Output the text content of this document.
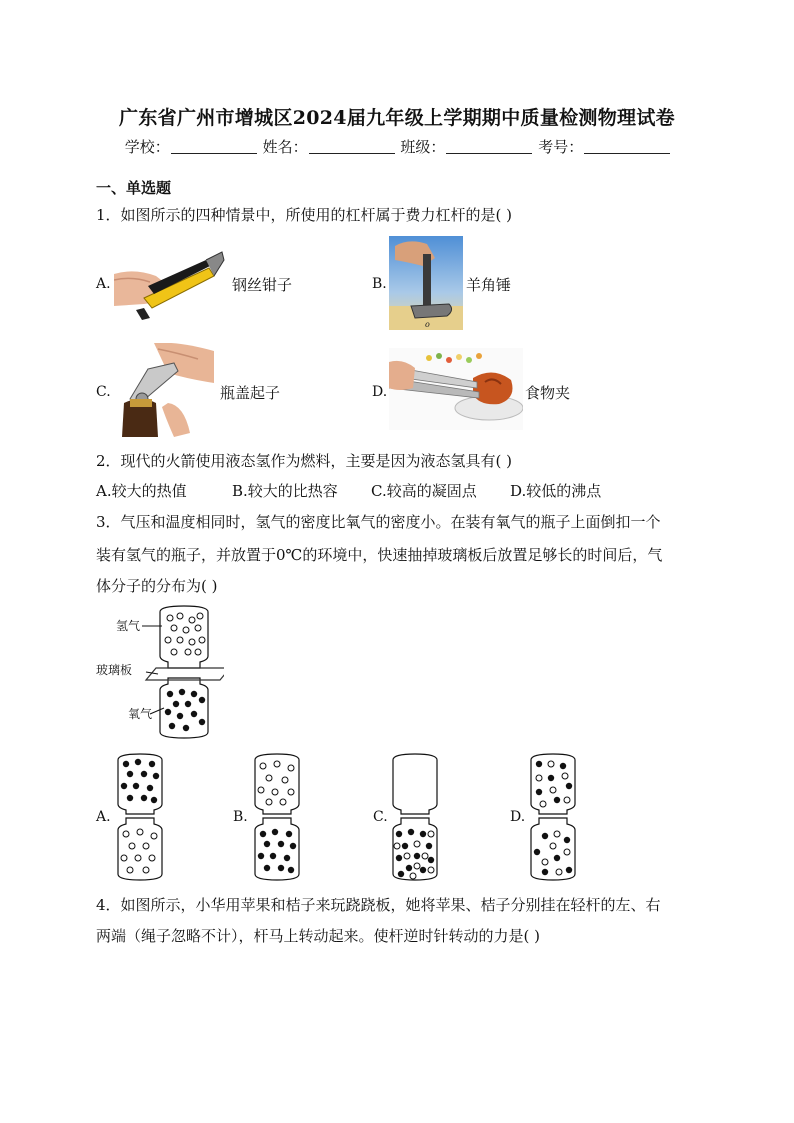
广东省广州市增城区2024届九年级上学期期中质量检测物理试卷
学校：	姓名：	班级：	考号：
一、单选题
1．如图所示的四种情景中，所使用的杠杆属于费力杠杆的是( )
A.	钢丝钳子	B.
o
羊角锤
C.	瓶盖起子	D.	食物夹
2．现代的火箭使用液态氢作为燃料，主要是因为液态氢具有( )
A.较大的热值	B.较大的比热容 C.较高的凝固点 D.较低的沸点
3．气压和温度相同时，氢气的密度比氧气的密度小。在装有氧气的瓶子上面倒扣一个
装有氢气的瓶子，并放置于0℃的环境中，快速抽掉玻璃板后放置足够长的时间后，气
体分子的分布为( )
氢气
玻璃板
氧气
A.	B.	C.	D.
4．如图所示，小华用苹果和桔子来玩跷跷板，她将苹果、桔子分别挂在轻杆的左、右
两端（绳子忽略不计），杆马上转动起来。使杆逆时针转动的力是( )
